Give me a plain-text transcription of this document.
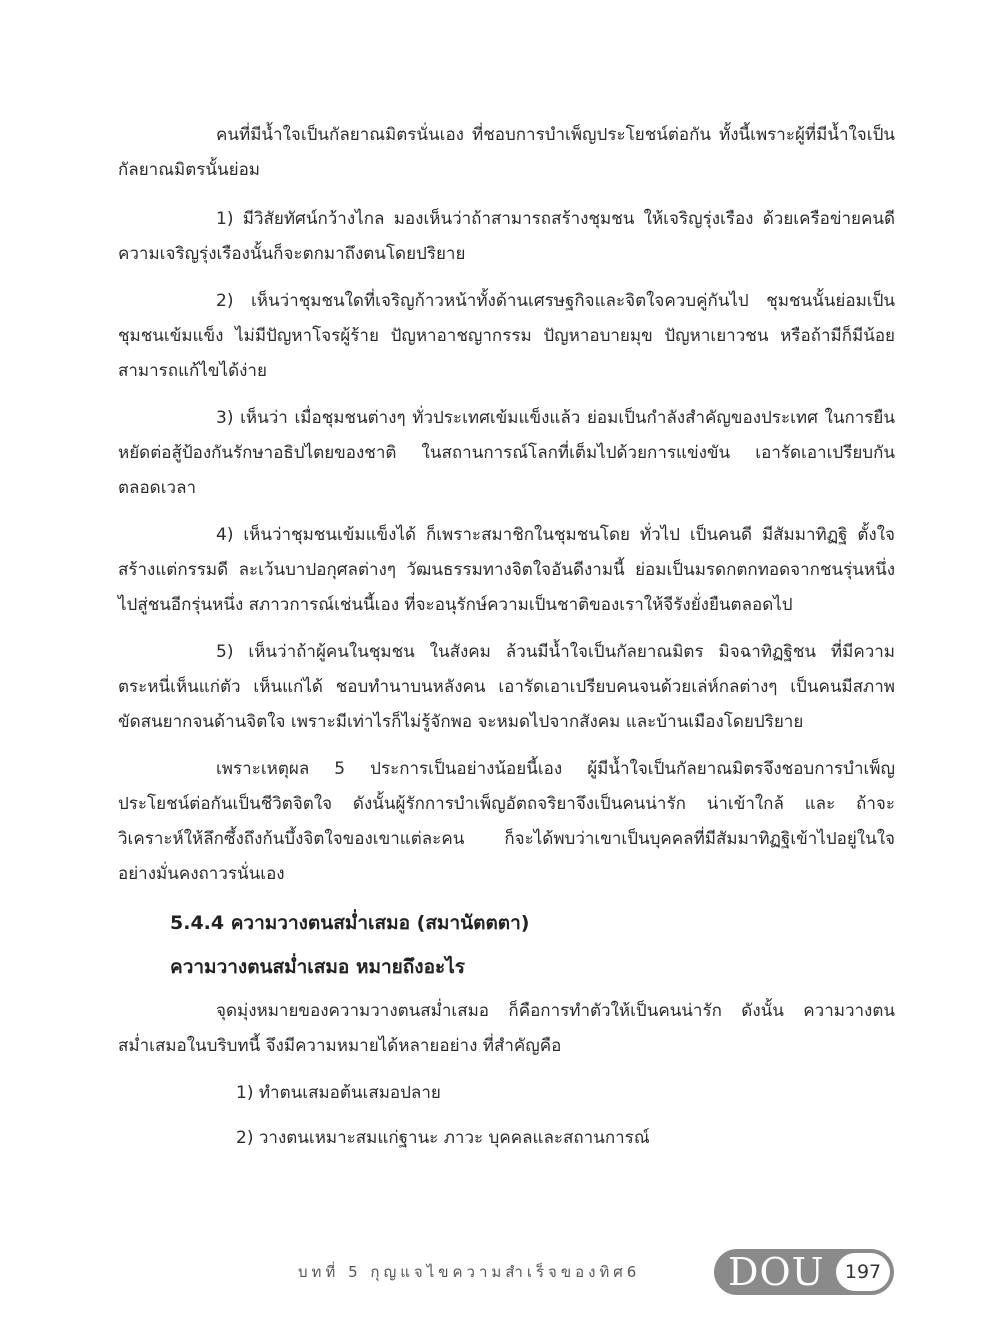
คนที่มีน้ำใจเป็นกัลยาณมิตรนั่นเอง ที่ชอบการบำเพ็ญประโยชน์ต่อกัน ทั้งนี้เพราะผู้ที่มีน้ำใจเป็นกัลยาณมิตรนั้นย่อม

1) มีวิสัยทัศน์กว้างไกล มองเห็นว่าถ้าสามารถสร้างชุมชน ให้เจริญรุ่งเรือง ด้วยเครือข่ายคนดี ความเจริญรุ่งเรืองนั้นก็จะตกมาถึงตนโดยปริยาย

2) เห็นว่าชุมชนใดที่เจริญก้าวหน้าทั้งด้านเศรษฐกิจและจิตใจควบคู่กันไป ชุมชนนั้นย่อมเป็นชุมชนเข้มแข็ง ไม่มีปัญหาโจรผู้ร้าย ปัญหาอาชญากรรม ปัญหาอบายมุข ปัญหาเยาวชน หรือถ้ามีก็มีน้อยสามารถแก้ไขได้ง่าย

3) เห็นว่า เมื่อชุมชนต่างๆ ทั่วประเทศเข้มแข็งแล้ว ย่อมเป็นกำลังสำคัญของประเทศ ในการยืนหยัดต่อสู้ป้องกันรักษาอธิปไตยของชาติ ในสถานการณ์โลกที่เต็มไปด้วยการแข่งขัน เอารัดเอาเปรียบกันตลอดเวลา

4) เห็นว่าชุมชนเข้มแข็งได้ ก็เพราะสมาชิกในชุมชนโดย ทั่วไป เป็นคนดี มีสัมมาทิฏฐิ ตั้งใจสร้างแต่กรรมดี ละเว้นบาปอกุศลต่างๆ วัฒนธรรมทางจิตใจอันดีงามนี้ ย่อมเป็นมรดกตกทอดจากชนรุ่นหนึ่งไปสู่ชนอีกรุ่นหนึ่ง สภาวการณ์เช่นนี้เอง ที่จะอนุรักษ์ความเป็นชาติของเราให้จีรังยั่งยืนตลอดไป

5) เห็นว่าถ้าผู้คนในชุมชน ในสังคม ล้วนมีน้ำใจเป็นกัลยาณมิตร มิจฉาทิฏฐิชน ที่มีความตระหนี่เห็นแก่ตัว เห็นแก่ได้ ชอบทำนาบนหลังคน เอารัดเอาเปรียบคนจนด้วยเล่ห์กลต่างๆ เป็นคนมีสภาพขัดสนยากจนด้านจิตใจ เพราะมีเท่าไรก็ไม่รู้จักพอ จะหมดไปจากสังคม และบ้านเมืองโดยปริยาย

เพราะเหตุผล 5 ประการเป็นอย่างน้อยนี้เอง ผู้มีน้ำใจเป็นกัลยาณมิตรจึงชอบการบำเพ็ญประโยชน์ต่อกันเป็นชีวิตจิตใจ ดังนั้นผู้รักการบำเพ็ญอัตถจริยาจึงเป็นคนน่ารัก น่าเข้าใกล้ และ ถ้าจะวิเคราะห์ให้ลึกซึ้งถึงก้นบึ้งจิตใจของเขาแต่ละคน ก็จะได้พบว่าเขาเป็นบุคคลที่มีสัมมาทิฏฐิเข้าไปอยู่ในใจอย่างมั่นคงถาวรนั่นเอง

5.4.4 ความวางตนสม่ำเสมอ (สมานัตตตา)
ความวางตนสม่ำเสมอ หมายถึงอะไร

จุดมุ่งหมายของความวางตนสม่ำเสมอ ก็คือการทำตัวให้เป็นคนน่ารัก ดังนั้น ความวางตนสม่ำเสมอในบริบทนี้ จึงมีความหมายได้หลายอย่าง ที่สำคัญคือ

1) ทำตนเสมอต้นเสมอปลาย
2) วางตนเหมาะสมแก่ฐานะ ภาวะ บุคคลและสถานการณ์
บทที่ 5 กุญแจไขความสำเร็จของทิศ6 DOU	197
